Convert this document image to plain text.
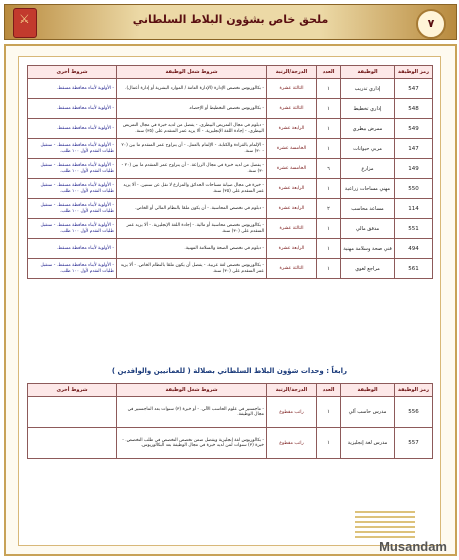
⚔	ملحق خاص بشؤون البلاط السلطاني	٧
رمز الوظيفة	الوظيفة	العدد	الدرجة/الرتبة	شروط شغل الوظيفة	شروط أخرى
547	إداري تدريب	١	الثالثة عشرة	- بكالوريوس تخصص الإدارة (الإدارة العامة / الموارد البشرية أو إدارة أعمال).	- الأولوية لأبناء محافظة مسقط.
548	إداري تخطيط	١	الثالثة عشرة	- بكالوريوس تخصص التخطيط أو الإحصاء.	- الأولوية لأبناء محافظة مسقط.
549	ممرض بيطري	١	الرابعة عشرة	- دبلوم في مجال التمريض البيطري. - يفضل من لديه خبرة في مجال التمريض البيطري. - إجادة اللغة الإنجليزية. - ألا يزيد عمر المتقدم على (٣٥) سنة.	- الأولوية لأبناء محافظة مسقط.
147	مربي حيوانات	١	الخامسة عشرة	- الإلمام بالقراءة والكتابة. - الإلمام بالعمل. - أن يتراوح عمر المتقدم ما بين (٢٠ - ٣٠) سنة.	- الأولوية لأبناء محافظة مسقط. - ستقبل طلبات التقدم لأول ١٠٠ طلب.
149	مزارع	٦	الخامسة عشرة	- يفضل من لديه خبرة في مجال الزراعة. - أن يتراوح عمر المتقدم ما بين (٢٠ - ٣٠) سنة.	- الأولوية لأبناء محافظة مسقط. - ستقبل طلبات التقدم لأول ١٠٠ طلب.
550	مهني مساحات زراعية	١	الرابعة عشرة	- خبرة في مجال صيانة مساحات الحدائق والمزارع لا تقل عن سنتين. - ألا يزيد عمر المتقدم على (٣٥) سنة.	- الأولوية لأبناء محافظة مسقط. - ستقبل طلبات التقدم لأول ١٠٠ طلب.
114	مساعد محاسب	٢	الرابعة عشرة	- دبلوم في تخصص المحاسبة. - أن يكون ملمًا بالنظام المالي أو الخاص.	- الأولوية لأبناء محافظة مسقط. - ستقبل طلبات التقدم لأول ١٠٠ طلب.
551	مدقق مالي	١	الثالثة عشرة	- بكالوريوس تخصص محاسبة أو مالية. - إجادة اللغة الإنجليزية. - ألا يزيد عمر المتقدم على (٣٠) سنة.	- الأولوية لأبناء محافظة مسقط. - ستقبل طلبات التقدم لأول ١٠٠ طلب.
494	فني صحة وسلامة مهنية	١	الرابعة عشرة	- دبلوم في تخصص الصحة والسلامة المهنية.	- الأولوية لأبناء محافظة مسقط.
561	مراجع لغوي	١	الثالثة عشرة	- بكالوريوس تخصص لغة عربية. - يفضل أن يكون ملمًا بالنظام الخاص. - ألا يزيد عمر المتقدم على (٣٠) سنة.	- الأولوية لأبناء محافظة مسقط. - ستقبل طلبات التقدم لأول ١٠٠ طلب.
رابعاً : وحدات شؤون البلاط السلطاني بصلالة ( للعمانيين والوافدين )
رمز الوظيفة	الوظيفة	العدد	الدرجة/الرتبة	شروط شغل الوظيفة	شروط أخرى
556	مدرس حاسب آلي	١	راتب مقطوع	- ماجستير في علوم الحاسب الآلي. - أو خبرة (٣) سنوات بعد الماجستير في مجال الوظيفة.	
557	مدرس لغة إنجليزية	١	راتب مقطوع	- بكالوريوس لغة إنجليزية ويفضل ضمن تخصص التخصص في طلب التخصص. - خبرة (٣) سنوات لمن لديه خبرة في مجال الوظيفة بعد البكالوريوس.	
Musandam
